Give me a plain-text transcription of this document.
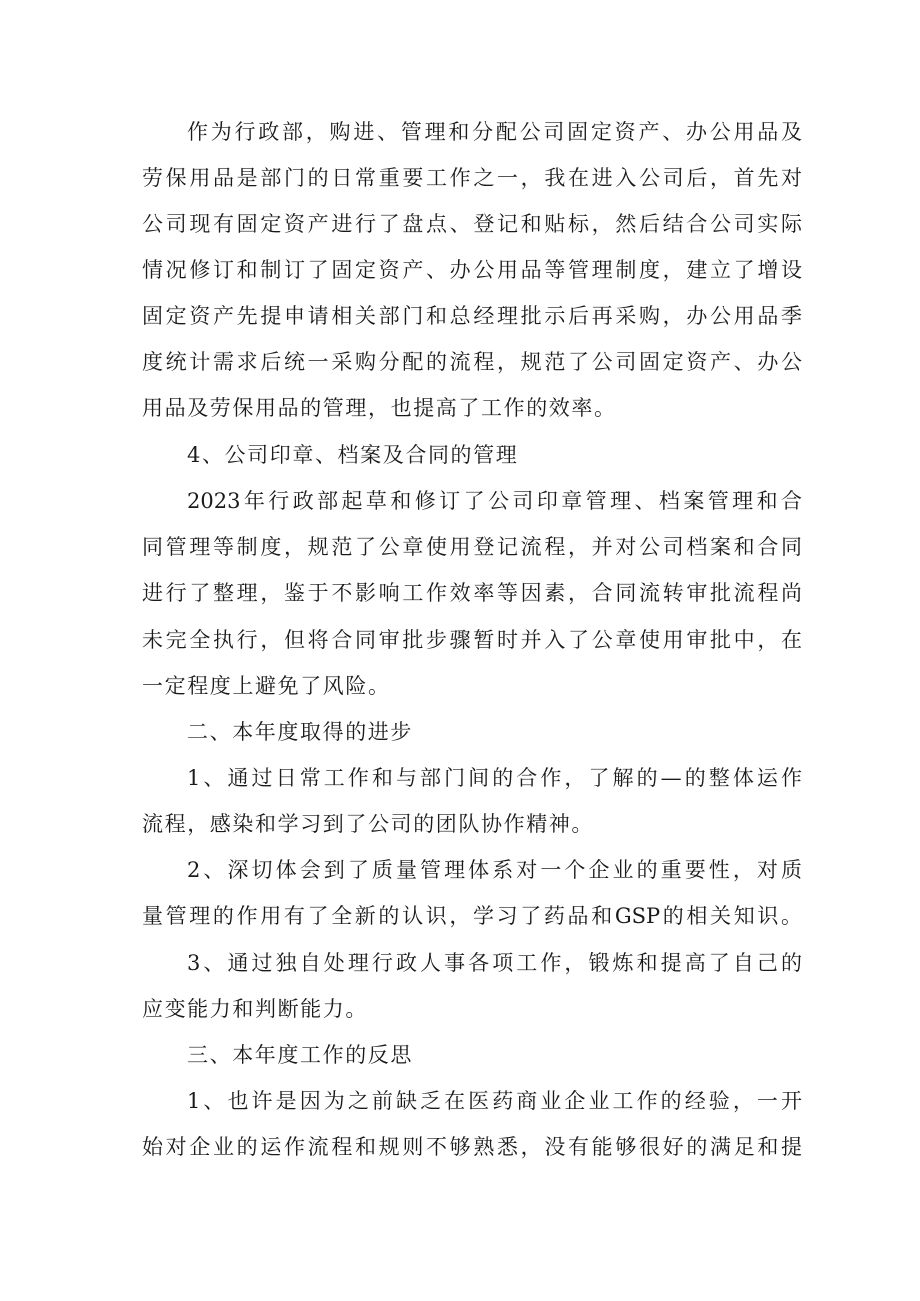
作为行政部，购进、管理和分配公司固定资产、办公用品及
劳保用品是部门的日常重要工作之一，我在进入公司后，首先对
公司现有固定资产进行了盘点、登记和贴标，然后结合公司实际
情况修订和制订了固定资产、办公用品等管理制度，建立了增设
固定资产先提申请相关部门和总经理批示后再采购，办公用品季
度统计需求后统一采购分配的流程，规范了公司固定资产、办公
用品及劳保用品的管理，也提高了工作的效率。
4、公司印章、档案及合同的管理
2023年行政部起草和修订了公司印章管理、档案管理和合
同管理等制度，规范了公章使用登记流程，并对公司档案和合同
进行了整理，鉴于不影响工作效率等因素，合同流转审批流程尚
未完全执行，但将合同审批步骤暂时并入了公章使用审批中，在
一定程度上避免了风险。
二、本年度取得的进步
1、通过日常工作和与部门间的合作，了解的—的整体运作
流程，感染和学习到了公司的团队协作精神。
2、深切体会到了质量管理体系对一个企业的重要性，对质
量管理的作用有了全新的认识，学习了药品和GSP的相关知识。
3、通过独自处理行政人事各项工作，锻炼和提高了自己的
应变能力和判断能力。
三、本年度工作的反思
1、也许是因为之前缺乏在医药商业企业工作的经验，一开
始对企业的运作流程和规则不够熟悉，没有能够很好的满足和提
